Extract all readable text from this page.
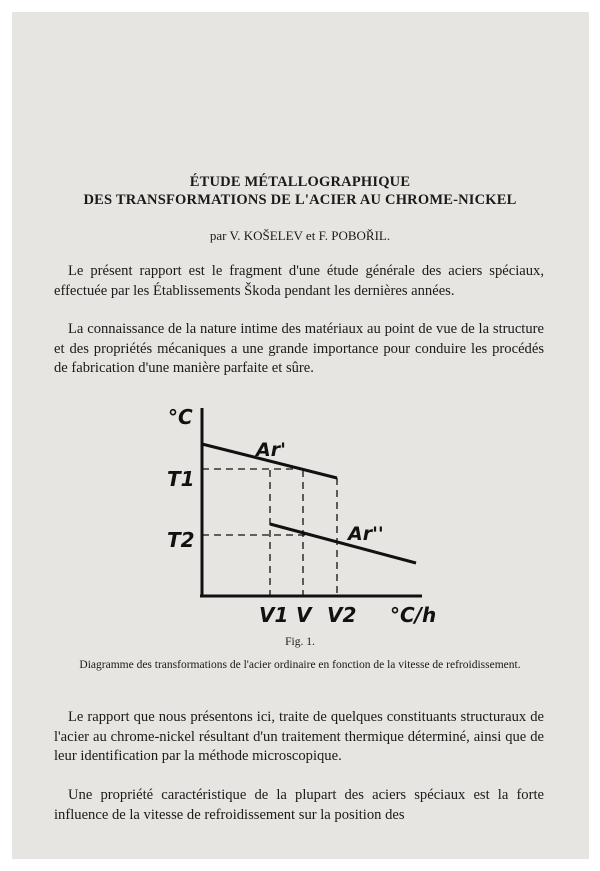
ÉTUDE MÉTALLOGRAPHIQUE
DES TRANSFORMATIONS DE L'ACIER AU CHROME-NICKEL
par V. KOŠELEV et F. POBOŘIL.

Le présent rapport est le fragment d'une étude générale des aciers spéciaux, effectuée par les Établissements Škoda pendant les dernières années.

La connaissance de la nature intime des matériaux au point de vue de la structure et des propriétés mécaniques a une grande importance pour conduire les procédés de fabrication d'une manière parfaite et sûre.

°C
°C/h
T1
T2
V1 V V2
Ar'
Ar''
Fig. 1.
Diagramme des transformations de l'acier ordinaire en fonction de la vitesse de refroidissement.

Le rapport que nous présentons ici, traite de quelques constituants structuraux de l'acier au chrome-nickel résultant d'un traitement thermique déterminé, ainsi que de leur identification par la méthode microscopique.

Une propriété caractéristique de la plupart des aciers spéciaux est la forte influence de la vitesse de refroidissement sur la position des
